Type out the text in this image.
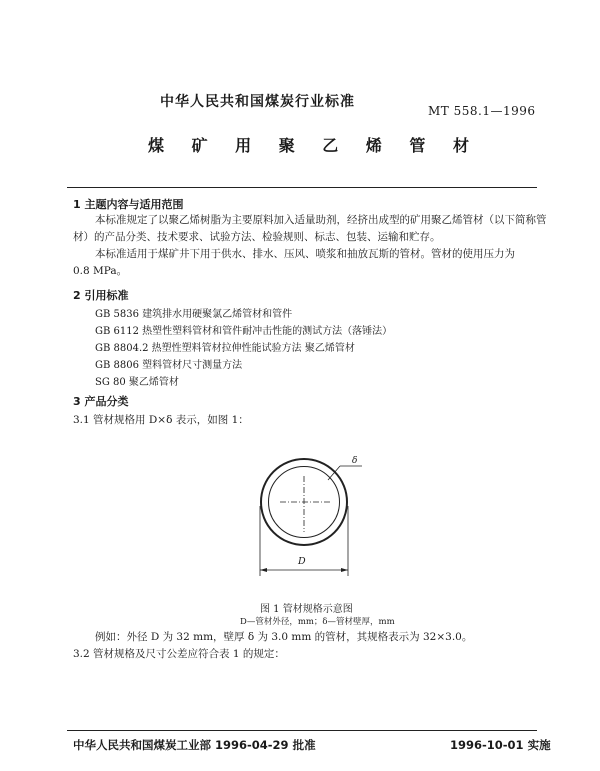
中华人民共和国煤炭行业标准
MT 558.1—1996
煤 矿 用 聚 乙 烯 管 材
1 主题内容与适用范围
本标准规定了以聚乙烯树脂为主要原料加入适量助剂，经挤出成型的矿用聚乙烯管材（以下简称管
材）的产品分类、技术要求、试验方法、检验规则、标志、包装、运输和贮存。
本标准适用于煤矿井下用于供水、排水、压风、喷浆和抽放瓦斯的管材。管材的使用压力为
0.8 MPa。
2 引用标准
GB 5836 建筑排水用硬聚氯乙烯管材和管件
GB 6112 热塑性塑料管材和管件耐冲击性能的测试方法（落锤法）
GB 8804.2 热塑性塑料管材拉伸性能试验方法 聚乙烯管材
GB 8806 塑料管材尺寸测量方法
SG 80 聚乙烯管材
3 产品分类
3.1 管材规格用 D×δ 表示，如图 1：
δ
D
图 1 管材规格示意图
D—管材外径，mm；δ—管材壁厚，mm
例如：外径 D 为 32 mm，壁厚 δ 为 3.0 mm 的管材，其规格表示为 32×3.0。
3.2 管材规格及尺寸公差应符合表 1 的规定：
中华人民共和国煤炭工业部 1996-04-29 批准	1996-10-01 实施
